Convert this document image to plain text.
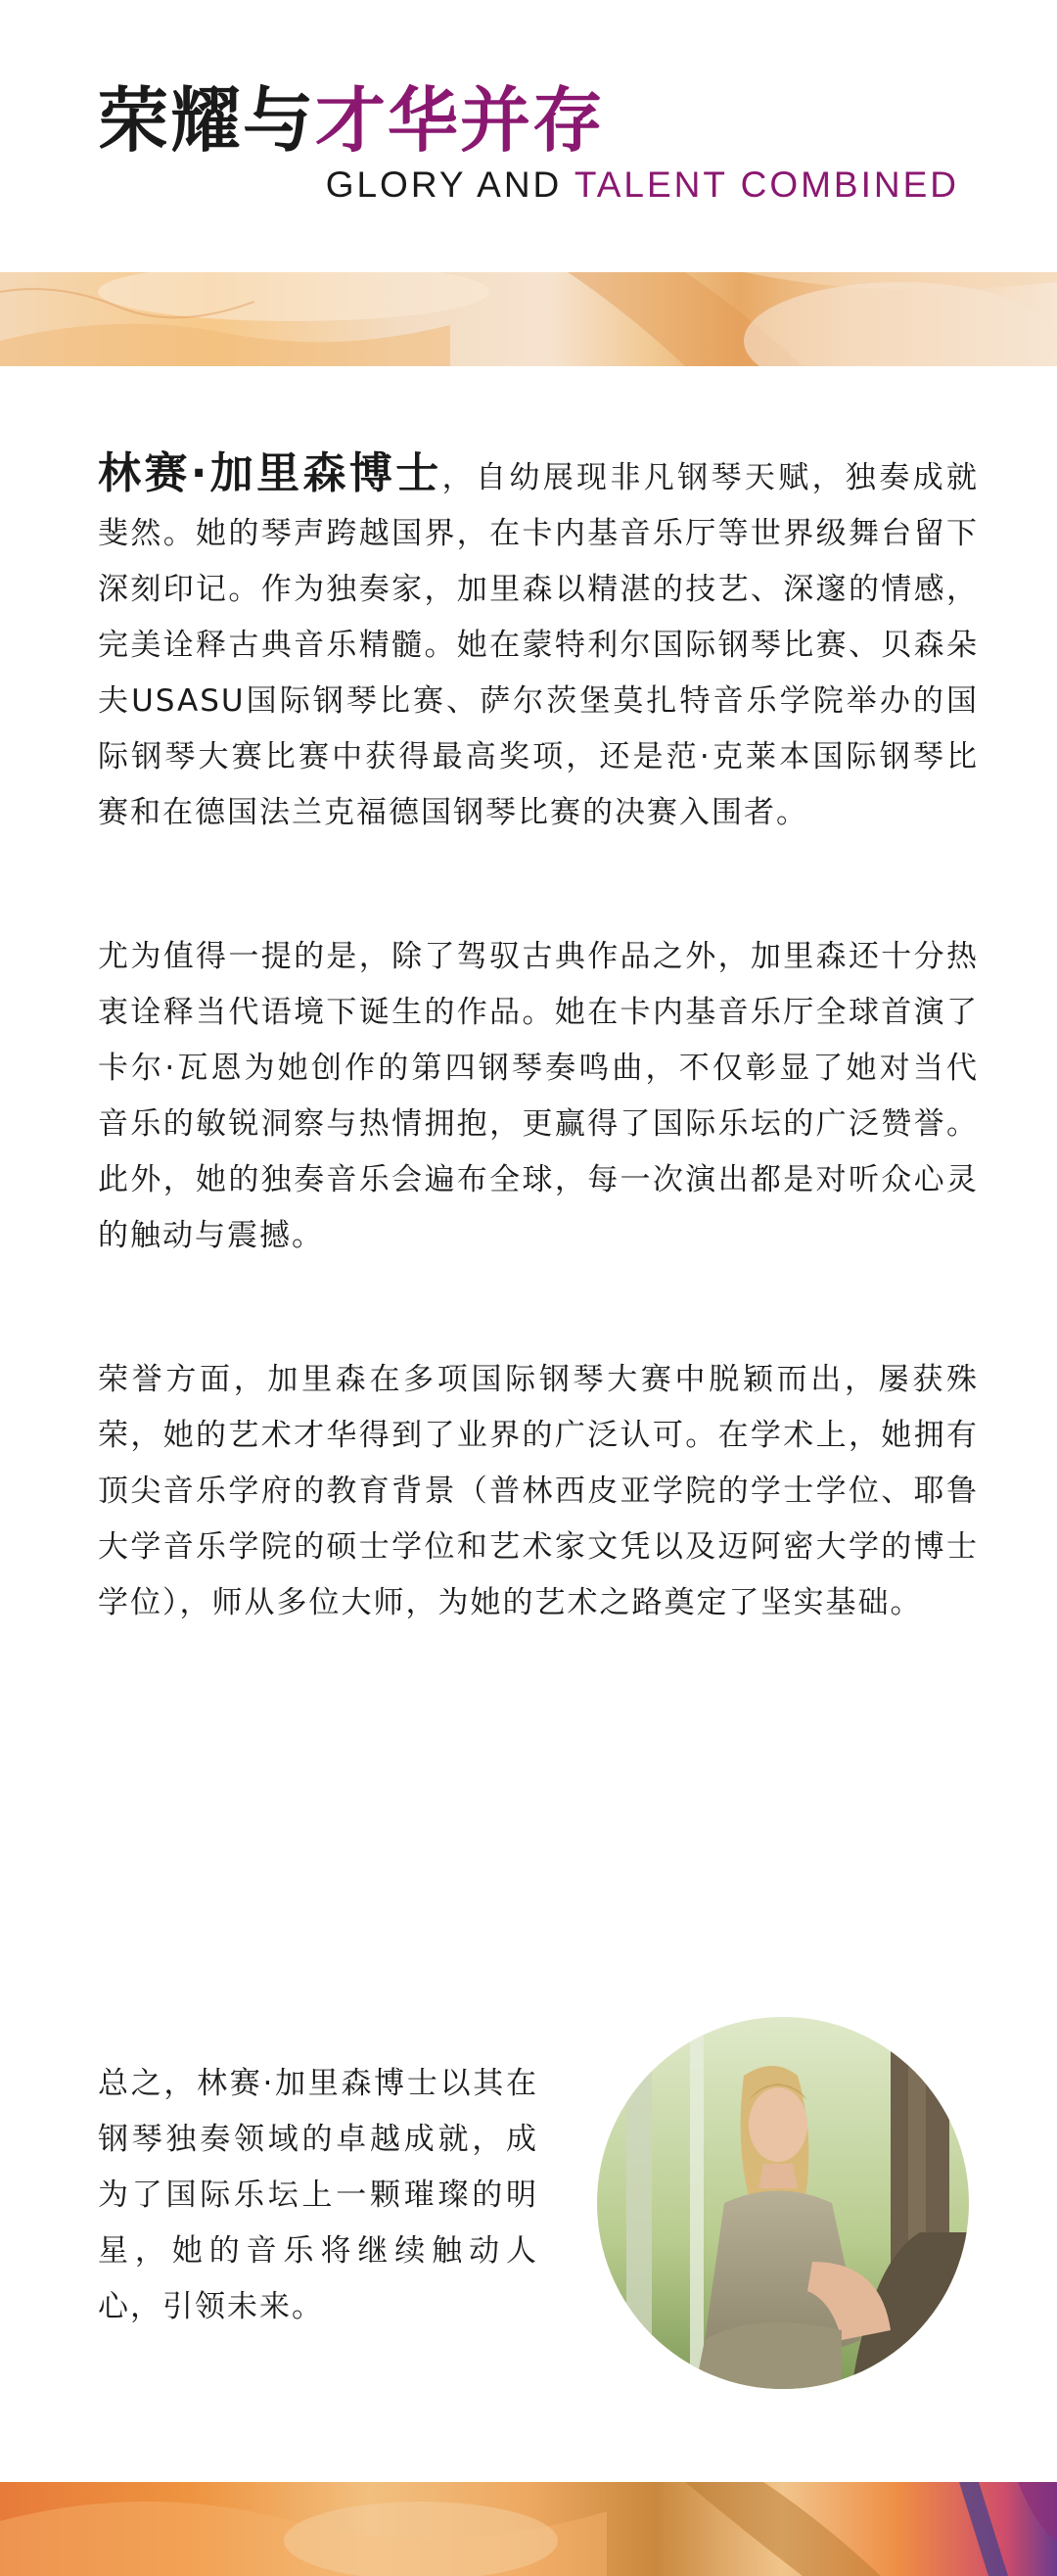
荣耀与才华并存
GLORY AND TALENT COMBINED

林赛·加里森博士，自幼展现非凡钢琴天赋，独奏成就斐然。她的琴声跨越国界，在卡内基音乐厅等世界级舞台留下深刻印记。作为独奏家，加里森以精湛的技艺、深邃的情感，完美诠释古典音乐精髓。她在蒙特利尔国际钢琴比赛、贝森朵夫USASU国际钢琴比赛、萨尔茨堡莫扎特音乐学院举办的国际钢琴大赛比赛中获得最高奖项，还是范·克莱本国际钢琴比赛和在德国法兰克福德国钢琴比赛的决赛入围者。

尤为值得一提的是，除了驾驭古典作品之外，加里森还十分热衷诠释当代语境下诞生的作品。她在卡内基音乐厅全球首演了卡尔·瓦恩为她创作的第四钢琴奏鸣曲，不仅彰显了她对当代音乐的敏锐洞察与热情拥抱，更赢得了国际乐坛的广泛赞誉。此外，她的独奏音乐会遍布全球，每一次演出都是对听众心灵的触动与震撼。

荣誉方面，加里森在多项国际钢琴大赛中脱颖而出，屡获殊荣，她的艺术才华得到了业界的广泛认可。在学术上，她拥有顶尖音乐学府的教育背景（普林西皮亚学院的学士学位、耶鲁大学音乐学院的硕士学位和艺术家文凭以及迈阿密大学的博士学位），师从多位大师，为她的艺术之路奠定了坚实基础。

总之，林赛·加里森博士以其在钢琴独奏领域的卓越成就，成为了国际乐坛上一颗璀璨的明星，她的音乐将继续触动人心，引领未来。
